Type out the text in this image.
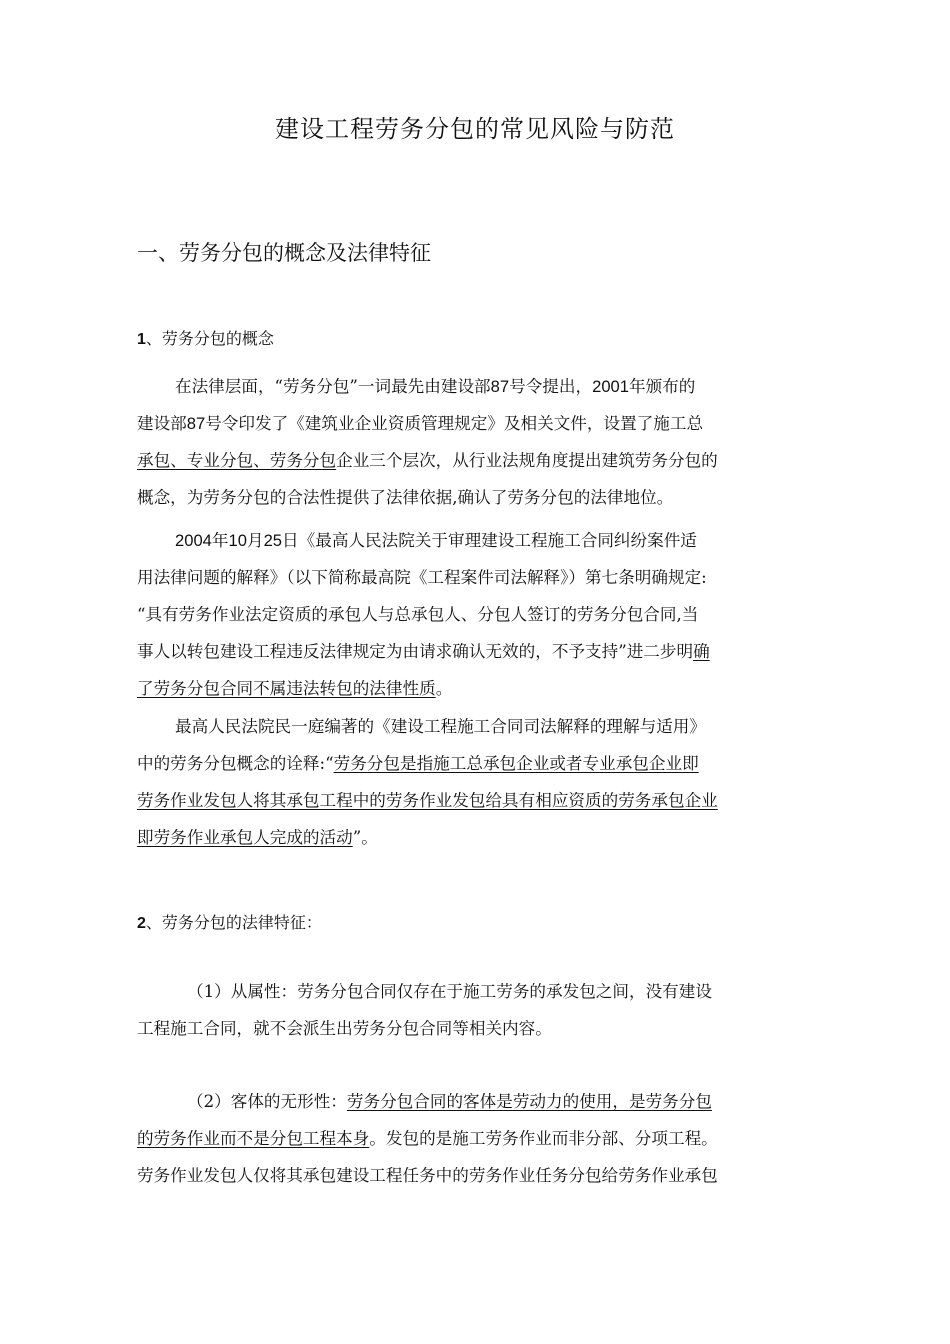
建设工程劳务分包的常见风险与防范
一、劳务分包的概念及法律特征
1、劳务分包的概念
在法律层面，“劳务分包”一词最先由建设部87号令提出，2001年颁布的
建设部87号令印发了《建筑业企业资质管理规定》及相关文件，设置了施工总
承包、专业分包、劳务分包企业三个层次，从行业法规角度提出建筑劳务分包的
概念，为劳务分包的合法性提供了法律依据,确认了劳务分包的法律地位。
2004年10月25日《最高人民法院关于审理建设工程施工合同纠纷案件适
用法律问题的解释》（以下简称最高院《工程案件司法解释》）第七条明确规定:
“具有劳务作业法定资质的承包人与总承包人、分包人签订的劳务分包合同,当
事人以转包建设工程违反法律规定为由请求确认无效的，不予支持”进二步明确
了劳务分包合同不属违法转包的法律性质。
最高人民法院民一庭编著的《建设工程施工合同司法解释的理解与适用》
中的劳务分包概念的诠释:“劳务分包是指施工总承包企业或者专业承包企业即
劳务作业发包人将其承包工程中的劳务作业发包给具有相应资质的劳务承包企业
即劳务作业承包人完成的活动”。
2、劳务分包的法律特征：
（1）从属性：劳务分包合同仅存在于施工劳务的承发包之间，没有建设
工程施工合同，就不会派生出劳务分包合同等相关内容。
（2）客体的无形性：劳务分包合同的客体是劳动力的使用，是劳务分包
的劳务作业而不是分包工程本身。发包的是施工劳务作业而非分部、分项工程。
劳务作业发包人仅将其承包建设工程任务中的劳务作业任务分包给劳务作业承包
